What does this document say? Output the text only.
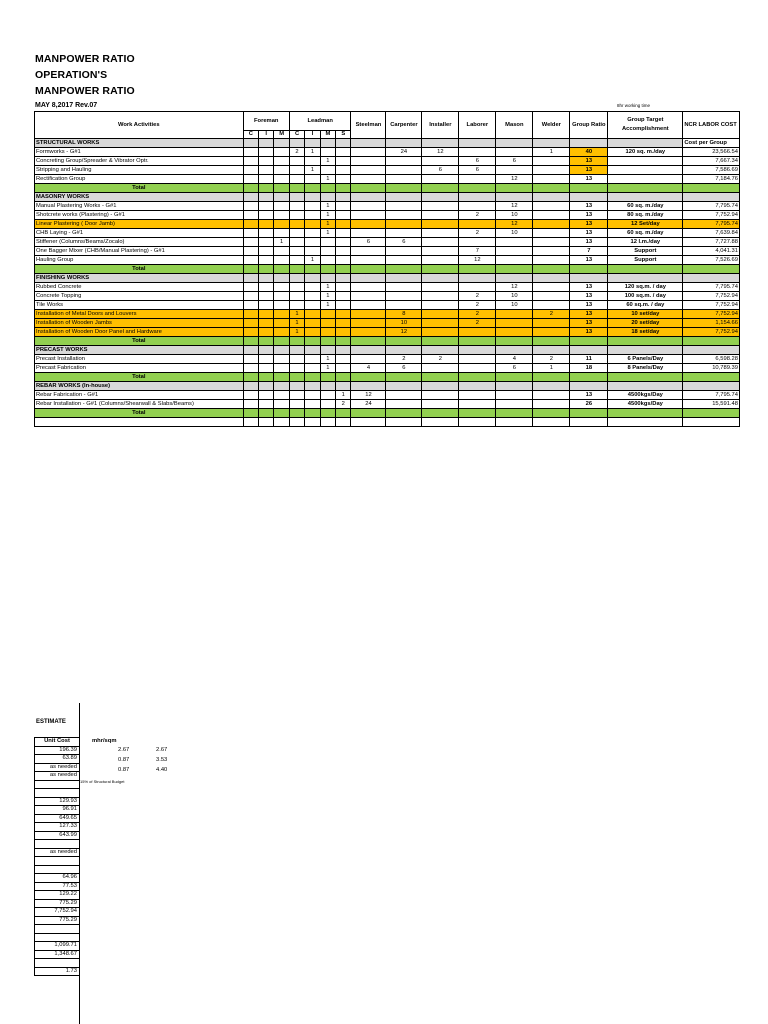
MANPOWER RATIO
OPERATION'S
MANPOWER RATIO
MAY 8,2017 Rev.07	8hr working time
Work Activities	Foreman			Leadman				Steelman	Carpenter	Installer	Laborer	Mason	Welder	Group Ratio	Group Target Accomplishment	NCR LABOR COST
	C	I	M	C	I	M	S									
STRUCTURAL WORKS																Cost per Group
Formworks - G#1				2	1				24	12			1	40	120 sq. m./day	23,566.54
Concreting Group/Spreader & Vibrator Optr.						1					6	6		13		7,667.34
Stripping and Hauling					1					6	6			13		7,586.69
Rectification Group						1						12		13		7,184.76
Total																
MASONRY WORKS																
Manual Plastering Works - G#1						1						12		13	60 sq. m./day	7,795.74
Shotcrete works (Plastering) - G#1						1					2	10		13	80 sq. m./day	7,752.94
Linear Plastering ( Door Jamb)						1						12		13	12 Set/day	7,795.74
CHB Laying - G#1						1					2	10		13	60 sq. m./day	7,639.84
Stiffener (Columns/Beams/Zocalo)			1					6	6					13	12 l.m./day	7,727.88
One Bagger Mixer (CHB/Manual Plastering) - G#1											7			7	Support	4,041.31
Hauling Group					1						12			13	Support	7,526.69
Total																
FINISHING WORKS																
Rubbed Concrete						1						12		13	120 sq.m. / day	7,795.74
Concrete Topping						1					2	10		13	100 sq.m. / day	7,752.94
Tile Works						1					2	10		13	60 sq.m. / day	7,752.94
Installation of Metal Doors and Louvers				1					8		2		2	13	10 set/day	7,752.94
Installation of Wooden Jambs				1					10		2			13	20 set/day	1,154.66
Installation of Wooden Door Panel and Hardware				1					12					13	18 set/day	7,752.94
Total																
PRECAST WORKS																
Precast Installation						1			2	2		4	2	11	6 Panels/Day	6,598.28
Precast Fabrication						1		4	6			6	1	18	8 Panels/Day	10,789.39
Total																
REBAR WORKS (In-house)																
Rebar Fabrication - G#1							1	12						13	4500kgs/Day	7,795.74
Rebar Installation - G#1 (Columns/Shearwall & Slabs/Beams)							2	24						26	4500kgs/Day	15,591.48
Total																

ESTIMATE
Unit Cost
196.39
63.89
as needed
as needed

129.93
96.91
649.65
127.33
643.99

as needed

64.96
77.53
129.22
775.29
7,752.94
775.29

1,099.71
1,348.67

1.73
mhr/sqm
2.67	2.67
0.87	3.53
0.87	4.40
15% of Structural Budget
